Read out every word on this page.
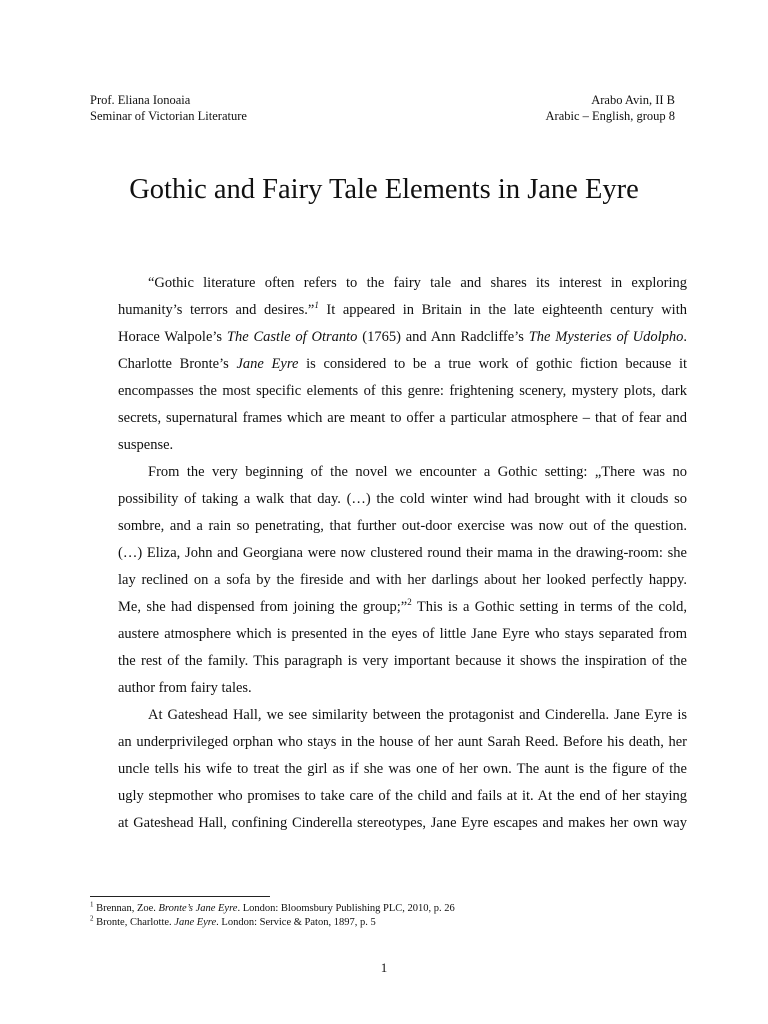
Prof. Eliana Ionoaia
Seminar of Victorian Literature
Arabo Avin, II B
Arabic – English, group 8
Gothic and Fairy Tale Elements in Jane Eyre
“Gothic literature often refers to the fairy tale and shares its interest in exploring
humanity’s terrors and desires.”$^1$ It appeared in Britain in the late eighteenth century with
Horace Walpole’s The Castle of Otranto (1765) and Ann Radcliffe’s The Mysteries of Udolpho.
Charlotte Bronte’s Jane Eyre is considered to be a true work of gothic fiction because it
encompasses the most specific elements of this genre: frightening scenery, mystery plots, dark
secrets, supernatural frames which are meant to offer a particular atmosphere – that of fear and
suspense.
From the very beginning of the novel we encounter a Gothic setting: „There was no
possibility of taking a walk that day. (…) the cold winter wind had brought with it clouds so
sombre, and a rain so penetrating, that further out-door exercise was now out of the question.
(…) Eliza, John and Georgiana were now clustered round their mama in the drawing-room: she
lay reclined on a sofa by the fireside and with her darlings about her looked perfectly happy.
Me, she had dispensed from joining the group;”$^2$ This is a Gothic setting in terms of the cold,
austere atmosphere which is presented in the eyes of little Jane Eyre who stays separated from
the rest of the family. This paragraph is very important because it shows the inspiration of the
author from fairy tales.
At Gateshead Hall, we see similarity between the protagonist and Cinderella. Jane Eyre is
an underprivileged orphan who stays in the house of her aunt Sarah Reed. Before his death, her
uncle tells his wife to treat the girl as if she was one of her own. The aunt is the figure of the
ugly stepmother who promises to take care of the child and fails at it. At the end of her staying
at Gateshead Hall, confining Cinderella stereotypes, Jane Eyre escapes and makes her own way
$^1$ Brennan, Zoe. Bronte’s Jane Eyre. London: Bloomsbury Publishing PLC, 2010, p. 26
$^2$ Bronte, Charlotte. Jane Eyre. London: Service & Paton, 1897, p. 5
1
